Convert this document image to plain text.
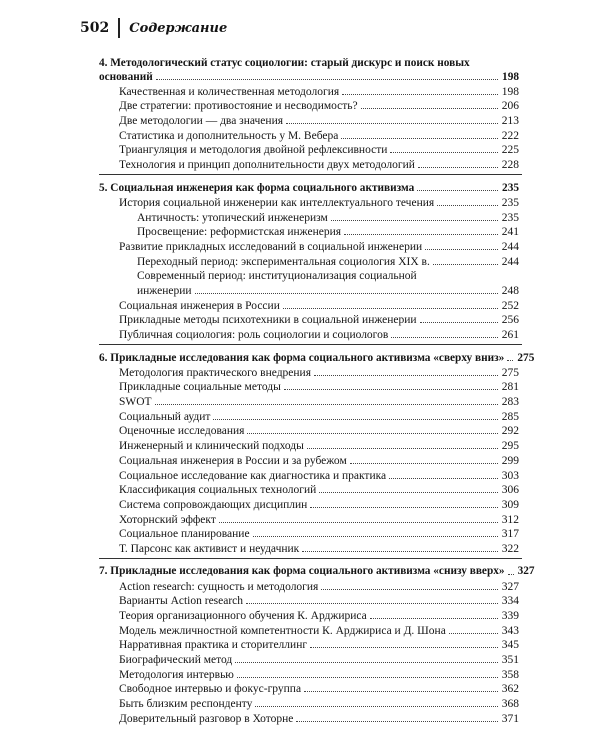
502 Содержание
4. Методологический статус социологии: старый дискурс и поиск новых
оснований	198
Качественная и количественная методология	198
Две стратегии: противостояние и несводимость?	206
Две методологии — два значения	213
Статистика и дополнительность у М. Вебера	222
Триангуляция и методология двойной рефлексивности	225
Технология и принцип дополнительности двух методологий	228
5. Социальная инженерия как форма социального активизма	235
История социальной инженерии как интеллектуального течения	235
Античность: утопический инженеризм	235
Просвещение: реформистская инженерия	241
Развитие прикладных исследований в социальной инженерии	244
Переходный период: экспериментальная социология XIX в.	244
Современный период: институционализация социальной
инженерии	248
Социальная инженерия в России	252
Прикладные методы психотехники в социальной инженерии	256
Публичная социология: роль социологии и социологов	261
6. Прикладные исследования как форма социального активизма «сверху вниз» 275
Методология практического внедрения	275
Прикладные социальные методы	281
SWOT	283
Социальный аудит	285
Оценочные исследования	292
Инженерный и клинический подходы	295
Социальная инженерия в России и за рубежом	299
Социальное исследование как диагностика и практика	303
Классификация социальных технологий	306
Система сопровождающих дисциплин	309
Хоторнский эффект	312
Социальное планирование	317
Т. Парсонс как активист и неудачник	322
7. Прикладные исследования как форма социального активизма «снизу вверх» 327
Action research: сущность и методология	327
Варианты Action research	334
Теория организационного обучения К. Арджириса	339
Модель межличностной компетентности К. Арджириса и Д. Шона	343
Нарративная практика и сторителлинг	345
Биографический метод	351
Методология интервью	358
Свободное интервью и фокус-группа	362
Быть близким респонденту	368
Доверительный разговор в Хоторне	371
